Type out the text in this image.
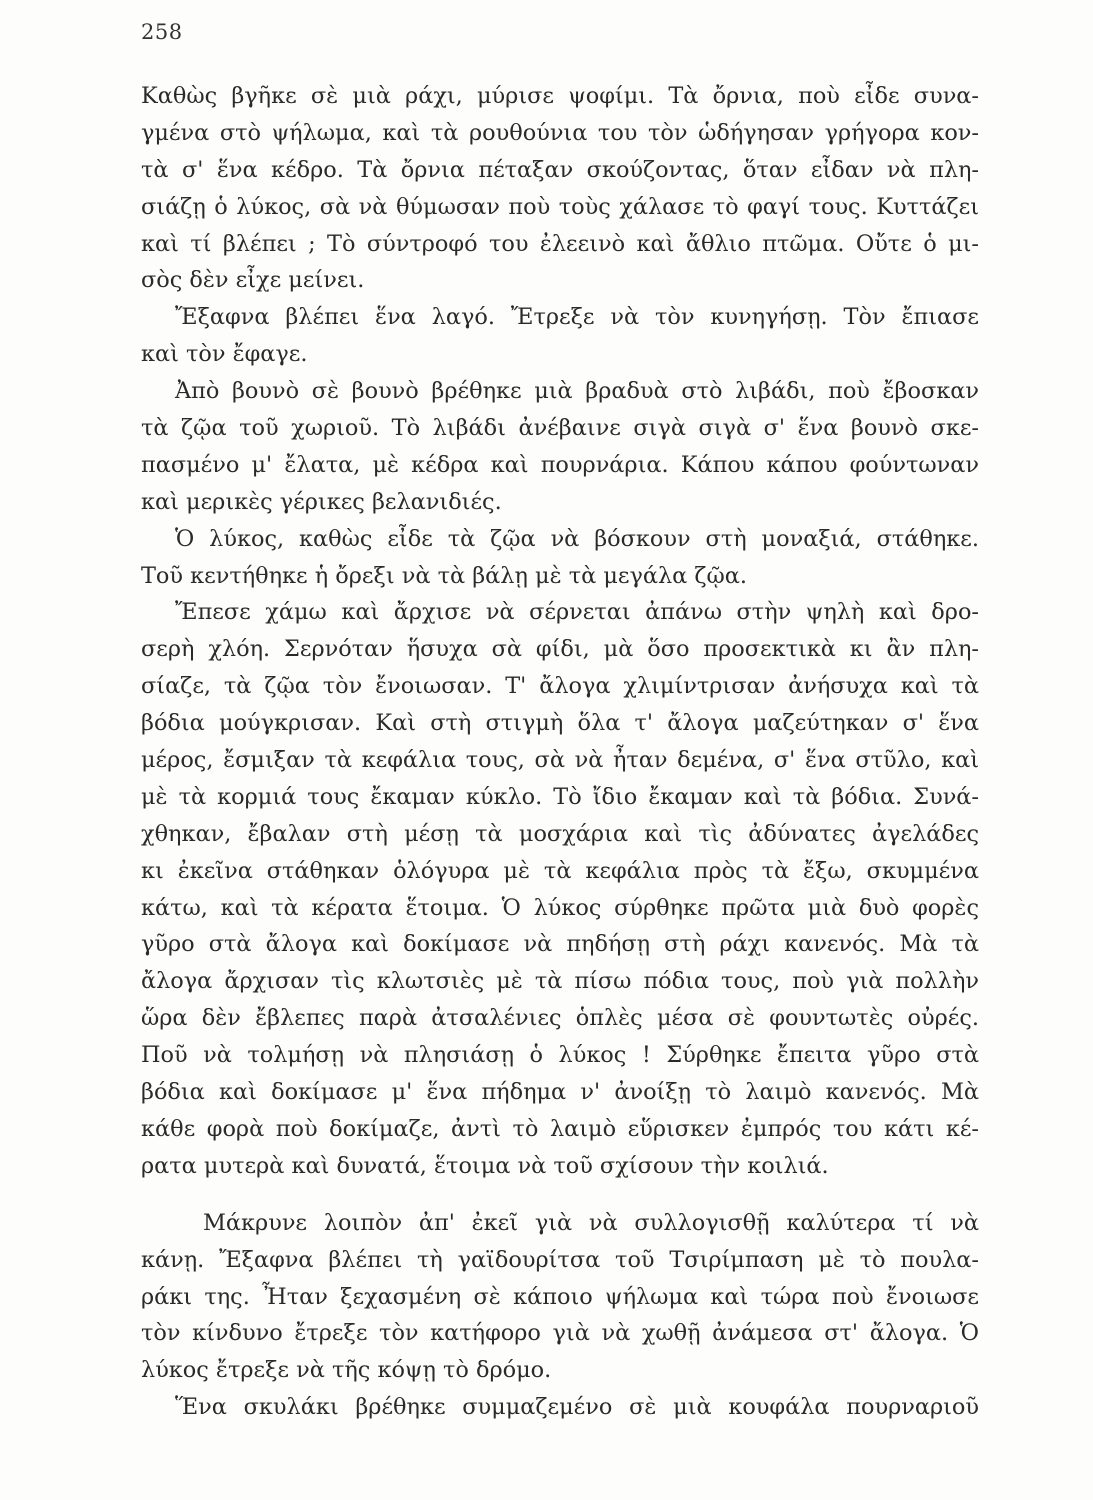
258
Καθὼς βγῆκε σὲ μιὰ ράχι, μύρισε ψοφίμι. Τὰ ὄρνια, ποὺ εἶδε συνα-
γμένα στὸ ψήλωμα, καὶ τὰ ρουθούνια του τὸν ὡδήγησαν γρήγορα κον-
τὰ σ' ἕνα κέδρο. Τὰ ὄρνια πέταξαν σκούζοντας, ὅταν εἶδαν νὰ πλη-
σιάζῃ ὁ λύκος, σὰ νὰ θύμωσαν ποὺ τοὺς χάλασε τὸ φαγί τους. Κυττάζει
καὶ τί βλέπει ; Τὸ σύντροφό του ἐλεεινὸ καὶ ἄθλιο πτῶμα. Οὔτε ὁ μι-
σὸς δὲν εἶχε μείνει.
Ἔξαφνα βλέπει ἕνα λαγό. Ἔτρεξε νὰ τὸν κυνηγήσῃ. Τὸν ἔπιασε
καὶ τὸν ἔφαγε.
Ἀπὸ βουνὸ σὲ βουνὸ βρέθηκε μιὰ βραδυὰ στὸ λιβάδι, ποὺ ἔβοσκαν
τὰ ζῷα τοῦ χωριοῦ. Τὸ λιβάδι ἀνέβαινε σιγὰ σιγὰ σ' ἕνα βουνὸ σκε-
πασμένο μ' ἔλατα, μὲ κέδρα καὶ πουρνάρια. Κάπου κάπου φούντωναν
καὶ μερικὲς γέρικες βελανιδιές.
Ὁ λύκος, καθὼς εἶδε τὰ ζῷα νὰ βόσκουν στὴ μοναξιά, στάθηκε.
Τοῦ κεντήθηκε ἡ ὄρεξι νὰ τὰ βάλῃ μὲ τὰ μεγάλα ζῷα.
Ἔπεσε χάμω καὶ ἄρχισε νὰ σέρνεται ἀπάνω στὴν ψηλὴ καὶ δρο-
σερὴ χλόη. Σερνόταν ἥσυχα σὰ φίδι, μὰ ὅσο προσεκτικὰ κι ἂν πλη-
σίαζε, τὰ ζῷα τὸν ἔνοιωσαν. Τ' ἄλογα χλιμίντρισαν ἀνήσυχα καὶ τὰ
βόδια μούγκρισαν. Καὶ στὴ στιγμὴ ὅλα τ' ἄλογα μαζεύτηκαν σ' ἕνα
μέρος, ἔσμιξαν τὰ κεφάλια τους, σὰ νὰ ἦταν δεμένα, σ' ἕνα στῦλο, καὶ
μὲ τὰ κορμιά τους ἔκαμαν κύκλο. Τὸ ἴδιο ἔκαμαν καὶ τὰ βόδια. Συνά-
χθηκαν, ἔβαλαν στὴ μέσῃ τὰ μοσχάρια καὶ τὶς ἀδύνατες ἀγελάδες
κι ἐκεῖνα στάθηκαν ὁλόγυρα μὲ τὰ κεφάλια πρὸς τὰ ἔξω, σκυμμένα
κάτω, καὶ τὰ κέρατα ἕτοιμα. Ὁ λύκος σύρθηκε πρῶτα μιὰ δυὸ φορὲς
γῦρο στὰ ἄλογα καὶ δοκίμασε νὰ πηδήσῃ στὴ ράχι κανενός. Μὰ τὰ
ἄλογα ἄρχισαν τὶς κλωτσιὲς μὲ τὰ πίσω πόδια τους, ποὺ γιὰ πολλὴν
ὥρα δὲν ἔβλεπες παρὰ ἀτσαλένιες ὁπλὲς μέσα σὲ φουντωτὲς οὐρές.
Ποῦ νὰ τολμήσῃ νὰ πλησιάσῃ ὁ λύκος ! Σύρθηκε ἔπειτα γῦρο στὰ
βόδια καὶ δοκίμασε μ' ἕνα πήδημα ν' ἀνοίξῃ τὸ λαιμὸ κανενός. Μὰ
κάθε φορὰ ποὺ δοκίμαζε, ἀντὶ τὸ λαιμὸ εὕρισκεν ἐμπρός του κάτι κέ-
ρατα μυτερὰ καὶ δυνατά, ἕτοιμα νὰ τοῦ σχίσουν τὴν κοιλιά.
Μάκρυνε λοιπὸν ἀπ' ἐκεῖ γιὰ νὰ συλλογισθῇ καλύτερα τί νὰ
κάνῃ. Ἔξαφνα βλέπει τὴ γαϊδουρίτσα τοῦ Τσιρίμπαση μὲ τὸ πουλα-
ράκι της. Ἦταν ξεχασμένη σὲ κάποιο ψήλωμα καὶ τώρα ποὺ ἔνοιωσε
τὸν κίνδυνο ἔτρεξε τὸν κατήφορο γιὰ νὰ χωθῇ ἀνάμεσα στ' ἄλογα. Ὁ
λύκος ἔτρεξε νὰ τῆς κόψῃ τὸ δρόμο.
Ἕνα σκυλάκι βρέθηκε συμμαζεμένο σὲ μιὰ κουφάλα πουρναριοῦ
